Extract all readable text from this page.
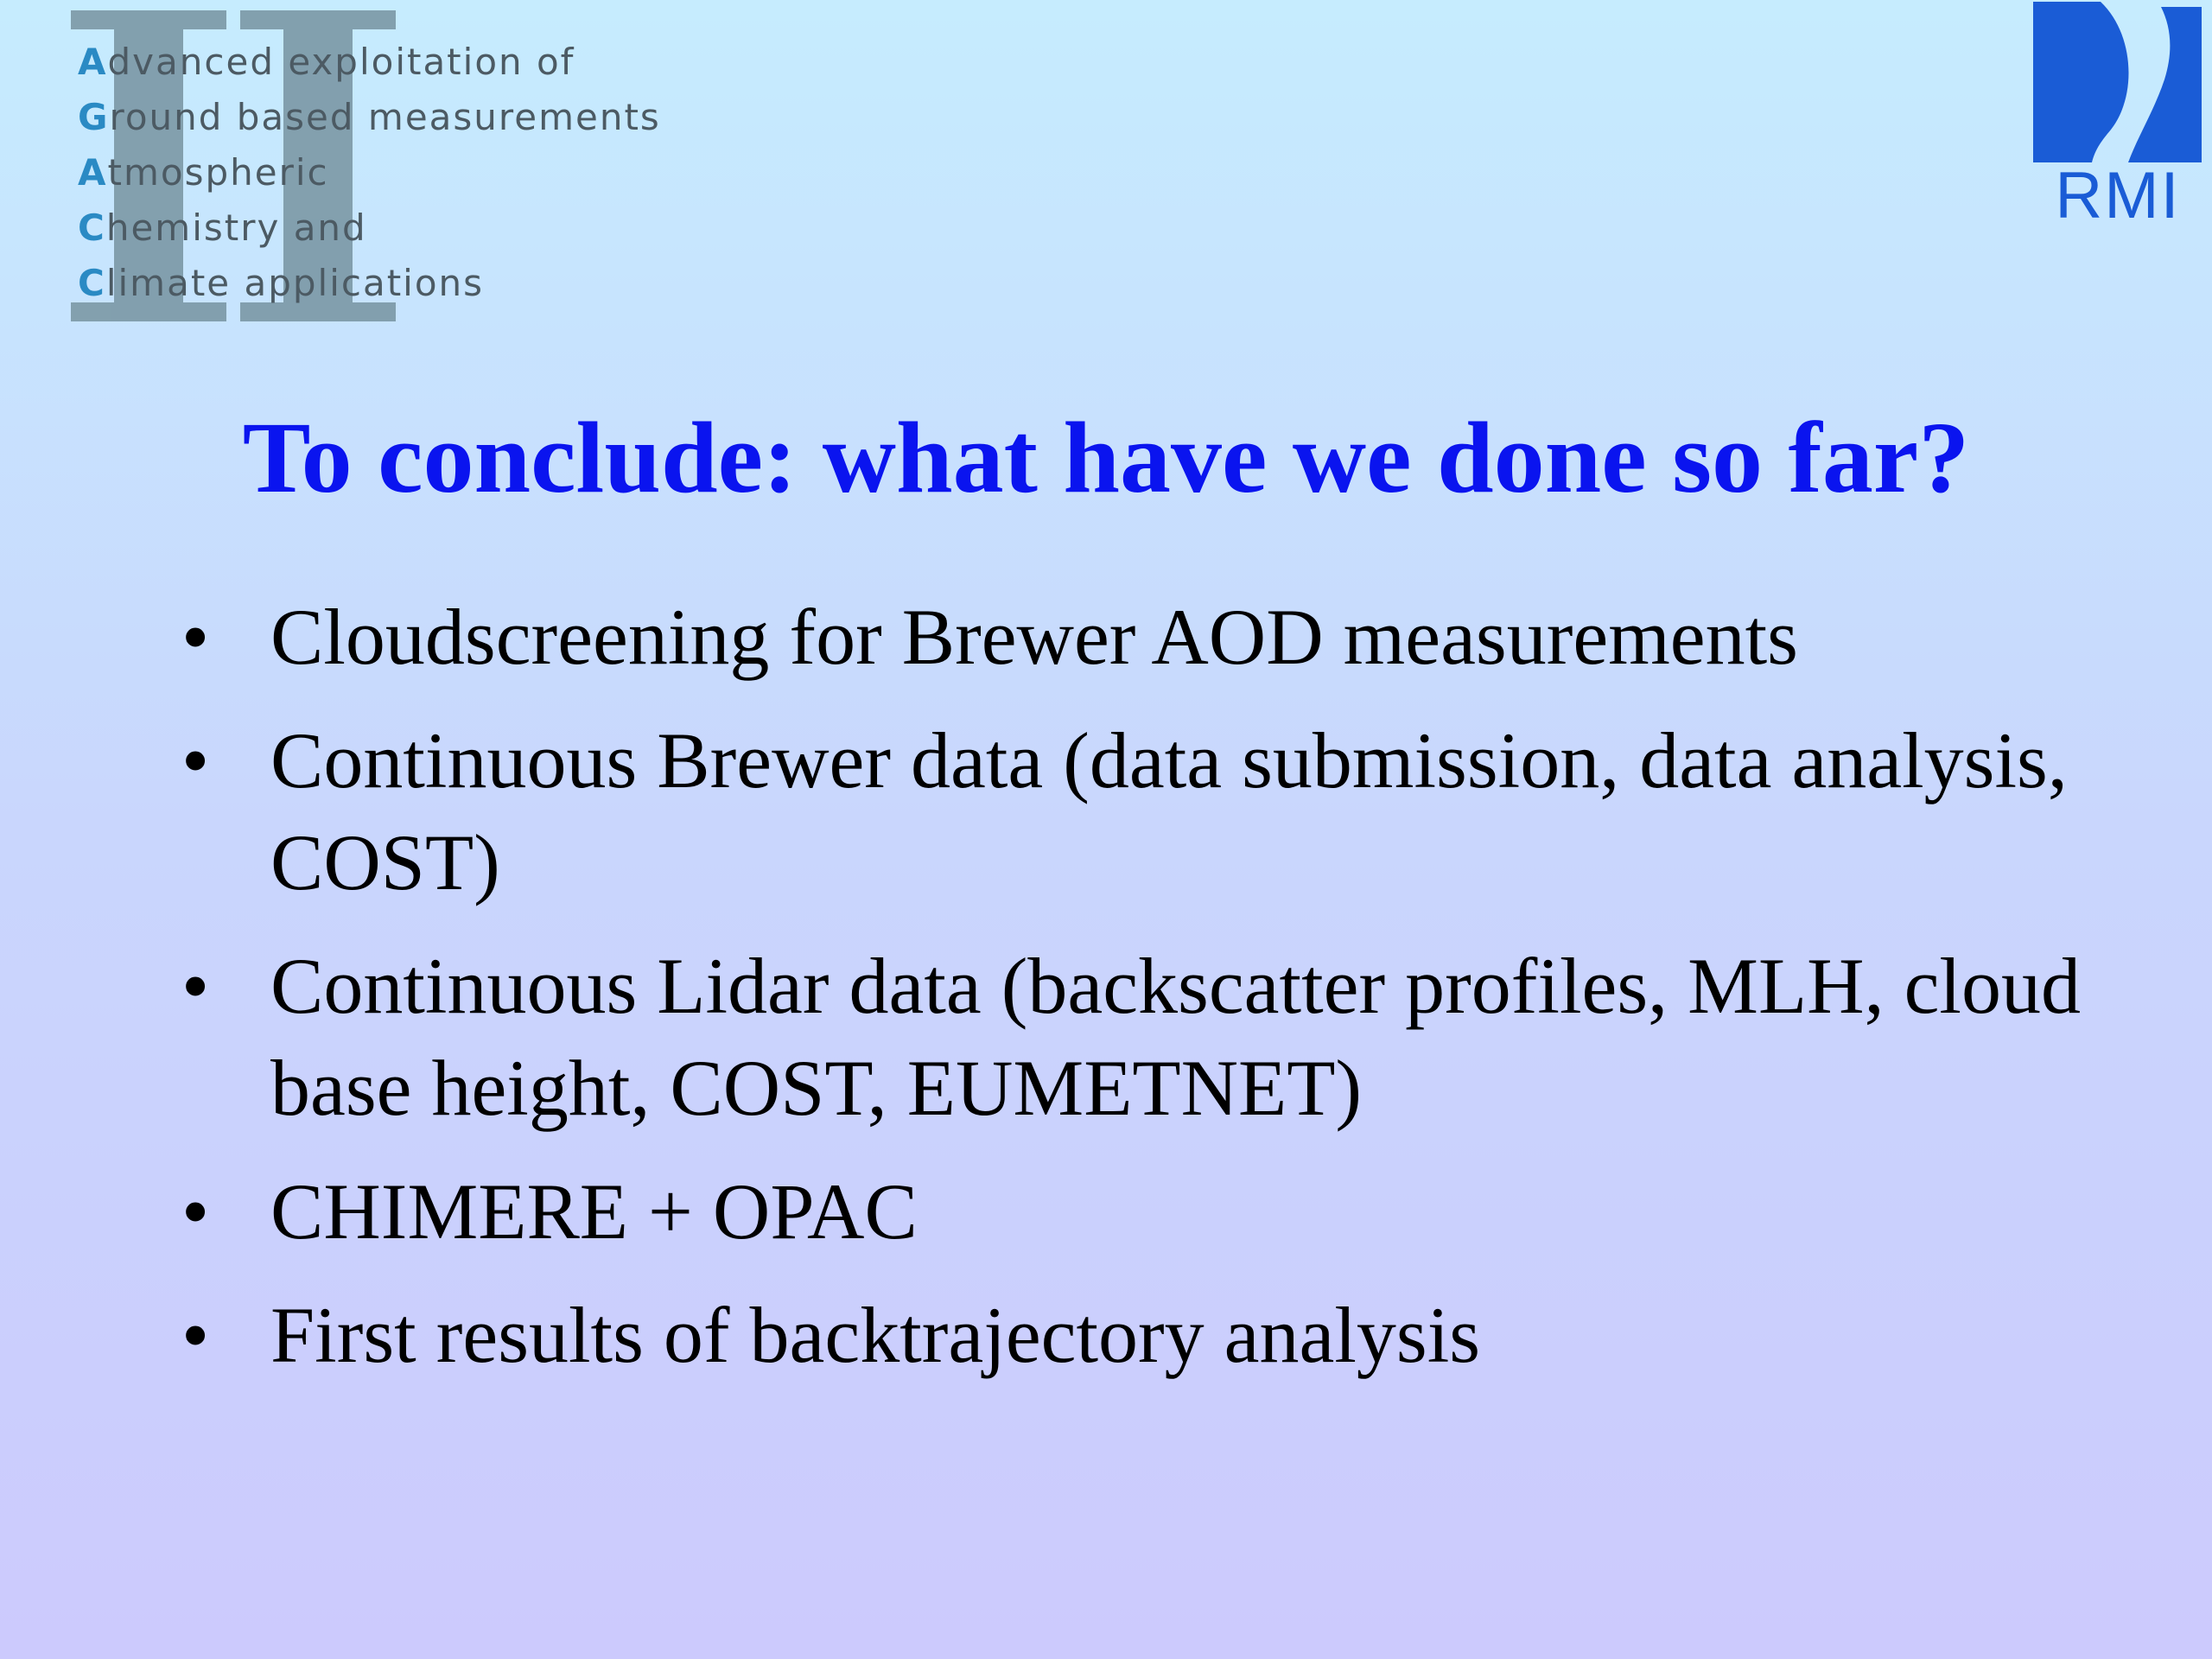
Advanced exploitation of
Ground based measurements
Atmospheric
Chemistry and
Climate applications
RMI
To conclude: what have we done so far?
• Cloudscreening for Brewer AOD measurements
• Continuous Brewer data (data submission, data analysis, COST)
• Continuous Lidar data (backscatter profiles, MLH, cloud base height, COST, EUMETNET)
• CHIMERE + OPAC
• First results of backtrajectory analysis
